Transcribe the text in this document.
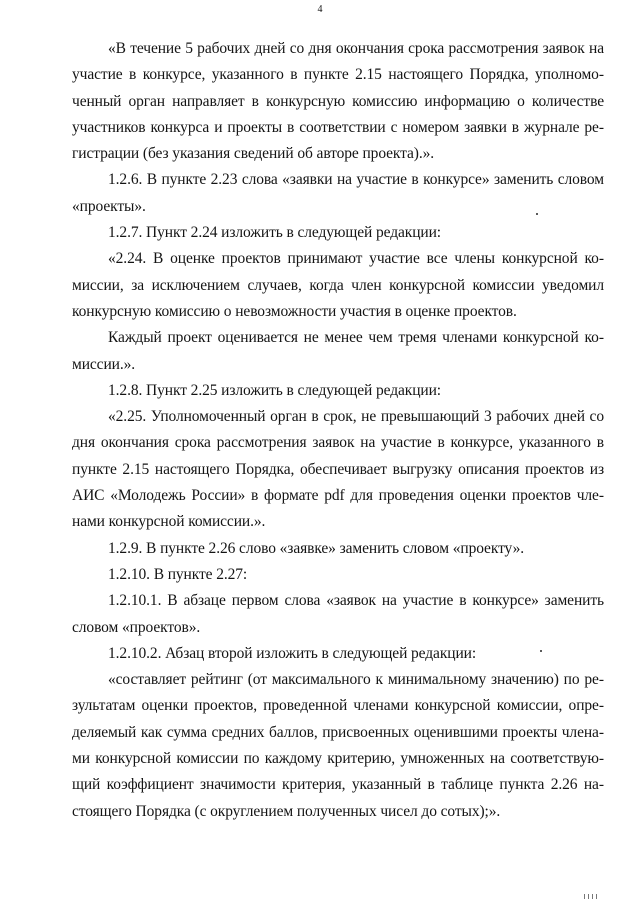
4

«В течение 5 рабочих дней со дня окончания срока рассмотрения заявок на участие в конкурсе, указанного в пункте 2.15 настоящего Порядка, уполномоченный орган направляет в конкурсную комиссию информацию о количестве участников конкурса и проекты в соответствии с номером заявки в журнале регистрации (без указания сведений об авторе проекта).».

1.2.6. В пункте 2.23 слова «заявки на участие в конкурсе» заменить словом «проекты».

1.2.7. Пункт 2.24 изложить в следующей редакции:

«2.24. В оценке проектов принимают участие все члены конкурсной комиссии, за исключением случаев, когда член конкурсной комиссии уведомил конкурсную комиссию о невозможности участия в оценке проектов.

Каждый проект оценивается не менее чем тремя членами конкурсной комиссии.».

1.2.8. Пункт 2.25 изложить в следующей редакции:

«2.25. Уполномоченный орган в срок, не превышающий 3 рабочих дней со дня окончания срока рассмотрения заявок на участие в конкурсе, указанного в пункте 2.15 настоящего Порядка, обеспечивает выгрузку описания проектов из АИС «Молодежь России» в формате pdf для проведения оценки проектов членами конкурсной комиссии.».

1.2.9. В пункте 2.26 слово «заявке» заменить словом «проекту».

1.2.10. В пункте 2.27:

1.2.10.1. В абзаце первом слова «заявок на участие в конкурсе» заменить словом «проектов».

1.2.10.2. Абзац второй изложить в следующей редакции:

«составляет рейтинг (от максимального к минимальному значению) по результатам оценки проектов, проведенной членами конкурсной комиссии, определяемый как сумма средних баллов, присвоенных оценившими проекты членами конкурсной комиссии по каждому критерию, умноженных на соответствующий коэффициент значимости критерия, указанный в таблице пункта 2.26 настоящего Порядка (с округлением полученных чисел до сотых);».
